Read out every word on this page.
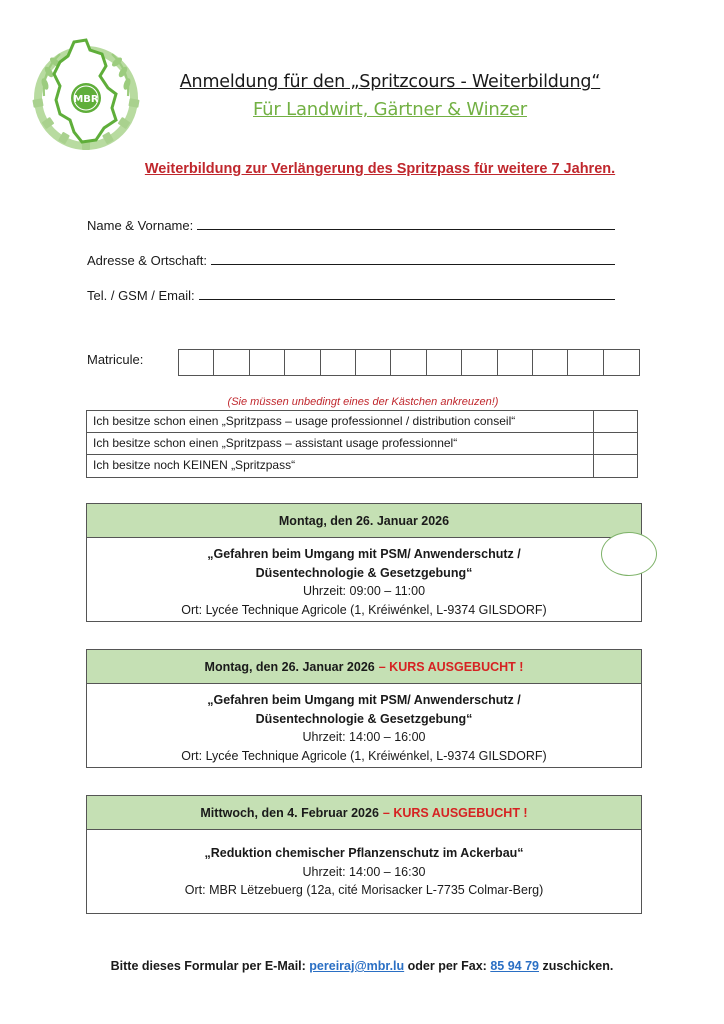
MBR
Anmeldung für den „Spritzcours - Weiterbildung“
Für Landwirt, Gärtner & Winzer
Weiterbildung zur Verlängerung des Spritzpass für weitere 7 Jahren.
Name & Vorname:
Adresse & Ortschaft:
Tel. / GSM / Email:
Matricule:
(Sie müssen unbedingt eines der Kästchen ankreuzen!)
Ich besitze schon einen „Spritzpass – usage professionnel / distribution conseil“
Ich besitze schon einen „Spritzpass – assistant usage professionnel“
Ich besitze noch KEINEN „Spritzpass“
Montag, den 26. Januar 2026
„Gefahren beim Umgang mit PSM/ Anwenderschutz /
Düsentechnologie & Gesetzgebung“
Uhrzeit: 09:00 – 11:00
Ort: Lycée Technique Agricole (1, Kréiwénkel, L-9374 GILSDORF)
Montag, den 26. Januar 2026 – KURS AUSGEBUCHT !
„Gefahren beim Umgang mit PSM/ Anwenderschutz /
Düsentechnologie & Gesetzgebung“
Uhrzeit: 14:00 – 16:00
Ort: Lycée Technique Agricole (1, Kréiwénkel, L-9374 GILSDORF)
Mittwoch, den 4. Februar 2026 – KURS AUSGEBUCHT !
„Reduktion chemischer Pflanzenschutz im Ackerbau“
Uhrzeit: 14:00 – 16:30
Ort: MBR Lëtzebuerg (12a, cité Morisacker L-7735 Colmar-Berg)
Bitte dieses Formular per E-Mail: pereiraj@mbr.lu oder per Fax: 85 94 79 zuschicken.
